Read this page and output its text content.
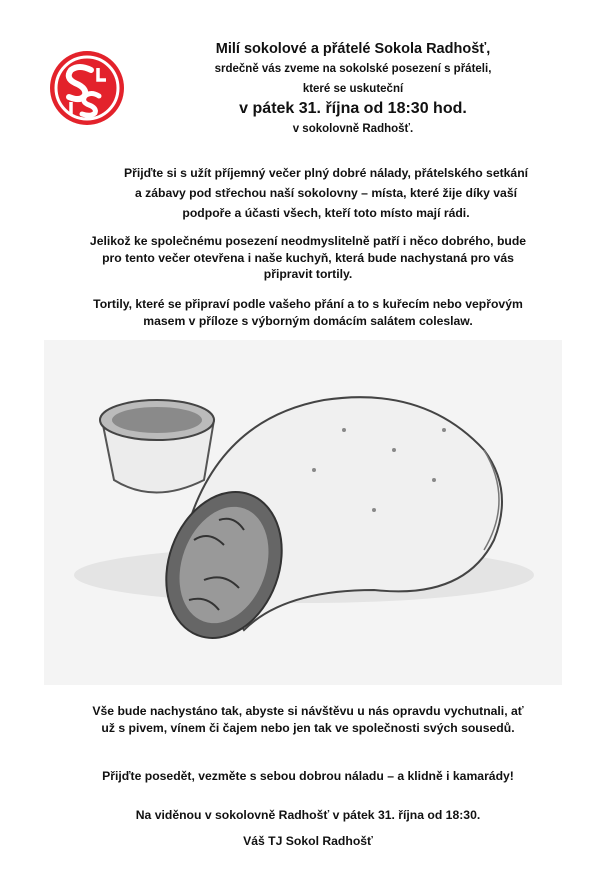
Milí sokolové a přátelé Sokola Radhošť,
srdečně vás zveme na sokolské posezení s přáteli,
které se uskuteční
v pátek 31. října od 18:30 hod.
v sokolovně Radhošť.
Přijďte si s užít příjemný večer plný dobré nálady, přátelského setkání
a zábavy pod střechou naší sokolovny – místa, které žije díky vaší
podpoře a účasti všech, kteří toto místo mají rádi.
Jelikož ke společnému posezení neodmyslitelně patří i něco dobrého, bude
pro tento večer otevřena i naše kuchyň, která bude nachystaná pro vás
připravit tortily.
Tortily, které se připraví podle vašeho přání a to s kuřecím nebo vepřovým
masem v příloze s výborným domácím salátem coleslaw.
Vše bude nachystáno tak, abyste si návštěvu u nás opravdu vychutnali, ať
už s pivem, vínem či čajem nebo jen tak ve společnosti svých sousedů.
Přijďte posedět, vezměte s sebou dobrou náladu – a klidně i kamarády!
Na viděnou v sokolovně Radhošť v pátek 31. října od 18:30.
Váš TJ Sokol Radhošť
